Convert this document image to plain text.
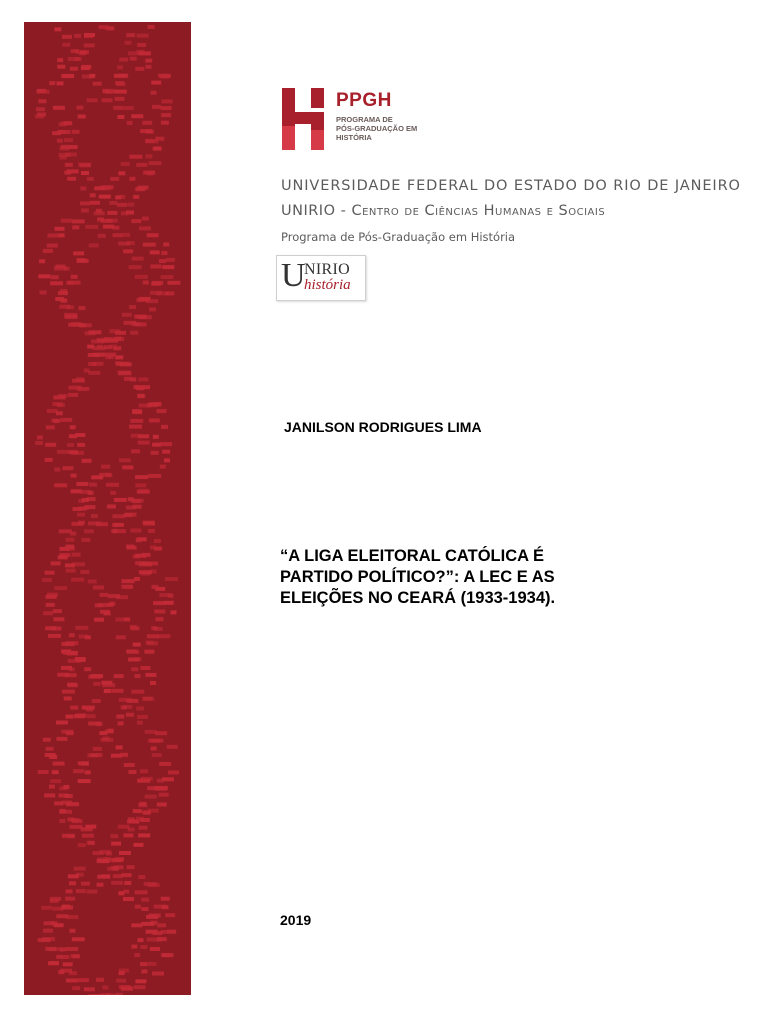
PPGH
PROGRAMA DE
PÓS-GRADUAÇÃO EM
HISTÓRIA
UNIVERSIDADE FEDERAL DO ESTADO DO RIO DE JANEIRO
UNIRIO - Centro de Ciências Humanas e Sociais
Programa de Pós-Graduação em História
U
NIRIO
história
JANILSON RODRIGUES LIMA
“A LIGA ELEITORAL CATÓLICA É
PARTIDO POLÍTICO?”: A LEC E AS
ELEIÇÕES NO CEARÁ (1933-1934).
2019
